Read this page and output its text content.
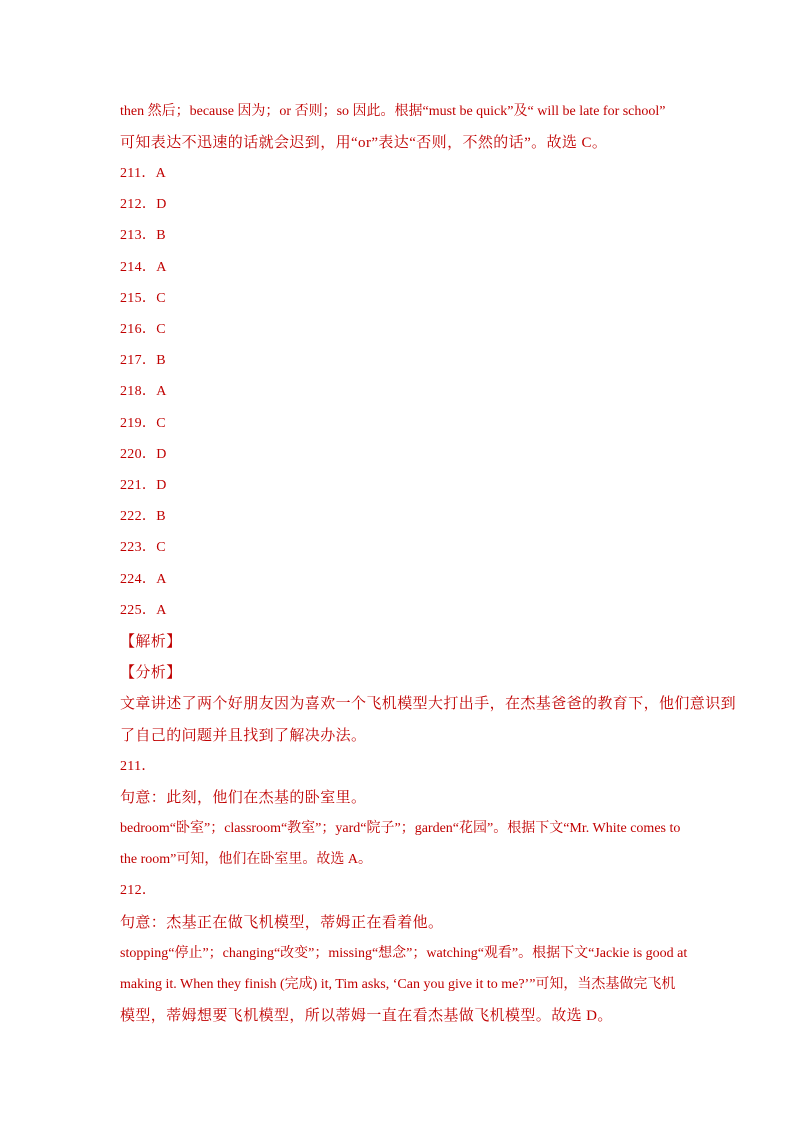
then 然后；because 因为；or 否则；so 因此。根据“must be quick”及“ will be late for school”
可知表达不迅速的话就会迟到，用“or”表达“否则，不然的话”。故选 C。
211．A
212．D
213．B
214．A
215．C
216．C
217．B
218．A
219．C
220．D
221．D
222．B
223．C
224．A
225．A
【解析】
【分析】
文章讲述了两个好朋友因为喜欢一个飞机模型大打出手，在杰基爸爸的教育下，他们意识到
了自己的问题并且找到了解决办法。
211．
句意：此刻，他们在杰基的卧室里。
bedroom“卧室”；classroom“教室”；yard“院子”；garden“花园”。根据下文“Mr. White comes to
the room”可知，他们在卧室里。故选 A。
212．
句意：杰基正在做飞机模型，蒂姆正在看着他。
stopping“停止”；changing“改变”；missing“想念”；watching“观看”。根据下文“Jackie is good at
making it. When they finish (完成) it, Tim asks, ‘Can you give it to me?’”可知，当杰基做完飞机
模型，蒂姆想要飞机模型，所以蒂姆一直在看杰基做飞机模型。故选 D。
